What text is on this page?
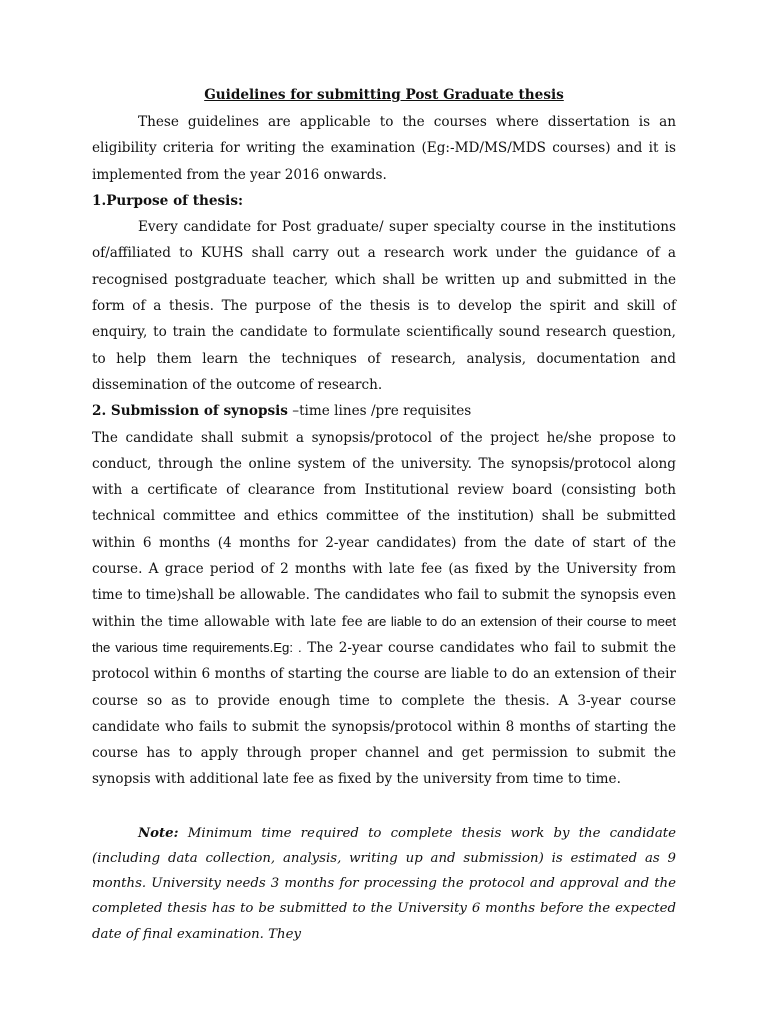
Guidelines for submitting Post Graduate thesis

These guidelines are applicable to the courses where dissertation is an eligibility criteria for writing the examination (Eg:-MD/MS/MDS courses) and it is implemented from the year 2016 onwards.

1.Purpose of thesis:

Every candidate for Post graduate/ super specialty course in the institutions of/affiliated to KUHS shall carry out a research work under the guidance of a recognised postgraduate teacher, which shall be written up and submitted in the form of a thesis. The purpose of the thesis is to develop the spirit and skill of enquiry, to train the candidate to formulate scientifically sound research question, to help them learn the techniques of research, analysis, documentation and dissemination of the outcome of research.

2. Submission of synopsis –time lines /pre requisites

The candidate shall submit a synopsis/protocol of the project he/she propose to conduct, through the online system of the university. The synopsis/protocol along with a certificate of clearance from Institutional review board (consisting both technical committee and ethics committee of the institution) shall be submitted within 6 months (4 months for 2-year candidates) from the date of start of the course. A grace period of 2 months with late fee (as fixed by the University from time to time)shall be allowable. The candidates who fail to submit the synopsis even within the time allowable with late fee are liable to do an extension of their course to meet the various time requirements.Eg: . The 2-year course candidates who fail to submit the protocol within 6 months of starting the course are liable to do an extension of their course so as to provide enough time to complete the thesis. A 3-year course candidate who fails to submit the synopsis/protocol within 8 months of starting the course has to apply through proper channel and get permission to submit the synopsis with additional late fee as fixed by the university from time to time.

Note: Minimum time required to complete thesis work by the candidate (including data collection, analysis, writing up and submission) is estimated as 9 months. University needs 3 months for processing the protocol and approval and the completed thesis has to be submitted to the University 6 months before the expected date of final examination. They
